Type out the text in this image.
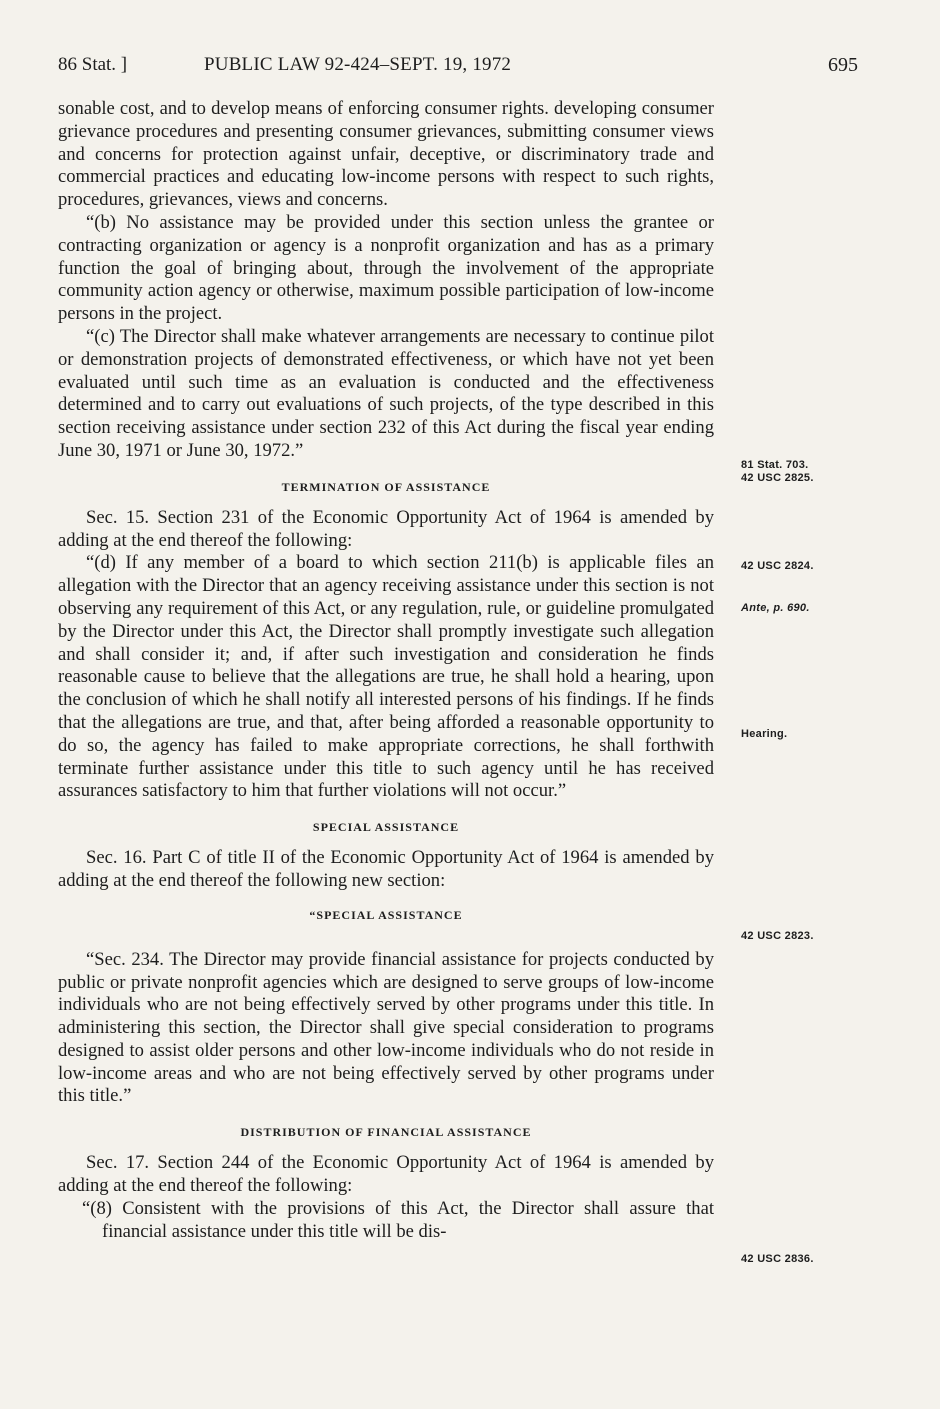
86 Stat. ]	PUBLIC LAW 92-424–SEPT. 19, 1972	695

sonable cost, and to develop means of enforcing consumer rights. developing consumer grievance procedures and presenting consumer grievances, submitting consumer views and concerns for protection against unfair, deceptive, or discriminatory trade and commercial practices and educating low-income persons with respect to such rights, procedures, grievances, views and concerns.

“(b) No assistance may be provided under this section unless the grantee or contracting organization or agency is a nonprofit organization and has as a primary function the goal of bringing about, through the involvement of the appropriate community action agency or otherwise, maximum possible participation of low-income persons in the project.

“(c) The Director shall make whatever arrangements are necessary to continue pilot or demonstration projects of demonstrated effectiveness, or which have not yet been evaluated until such time as an evaluation is conducted and the effectiveness determined and to carry out evaluations of such projects, of the type described in this section receiving assistance under section 232 of this Act during the fiscal year ending June 30, 1971 or June 30, 1972.”

TERMINATION OF ASSISTANCE

Sec. 15. Section 231 of the Economic Opportunity Act of 1964 is amended by adding at the end thereof the following:

“(d) If any member of a board to which section 211(b) is applicable files an allegation with the Director that an agency receiving assistance under this section is not observing any requirement of this Act, or any regulation, rule, or guideline promulgated by the Director under this Act, the Director shall promptly investigate such allegation and shall consider it; and, if after such investigation and consideration he finds reasonable cause to believe that the allegations are true, he shall hold a hearing, upon the conclusion of which he shall notify all interested persons of his findings. If he finds that the allegations are true, and that, after being afforded a reasonable opportunity to do so, the agency has failed to make appropriate corrections, he shall forthwith terminate further assistance under this title to such agency until he has received assurances satisfactory to him that further violations will not occur.”

SPECIAL ASSISTANCE

Sec. 16. Part C of title II of the Economic Opportunity Act of 1964 is amended by adding at the end thereof the following new section:

“SPECIAL ASSISTANCE

“Sec. 234. The Director may provide financial assistance for projects conducted by public or private nonprofit agencies which are designed to serve groups of low-income individuals who are not being effectively served by other programs under this title. In administering this section, the Director shall give special consideration to programs designed to assist older persons and other low-income individuals who do not reside in low-income areas and who are not being effectively served by other programs under this title.”

DISTRIBUTION OF FINANCIAL ASSISTANCE

Sec. 17. Section 244 of the Economic Opportunity Act of 1964 is amended by adding at the end thereof the following:

“(8) Consistent with the provisions of this Act, the Director shall assure that financial assistance under this title will be dis-

81 Stat. 703.
42 USC 2825.
42 USC 2824.
Ante, p. 690.
Hearing.
42 USC 2823.
42 USC 2836.
